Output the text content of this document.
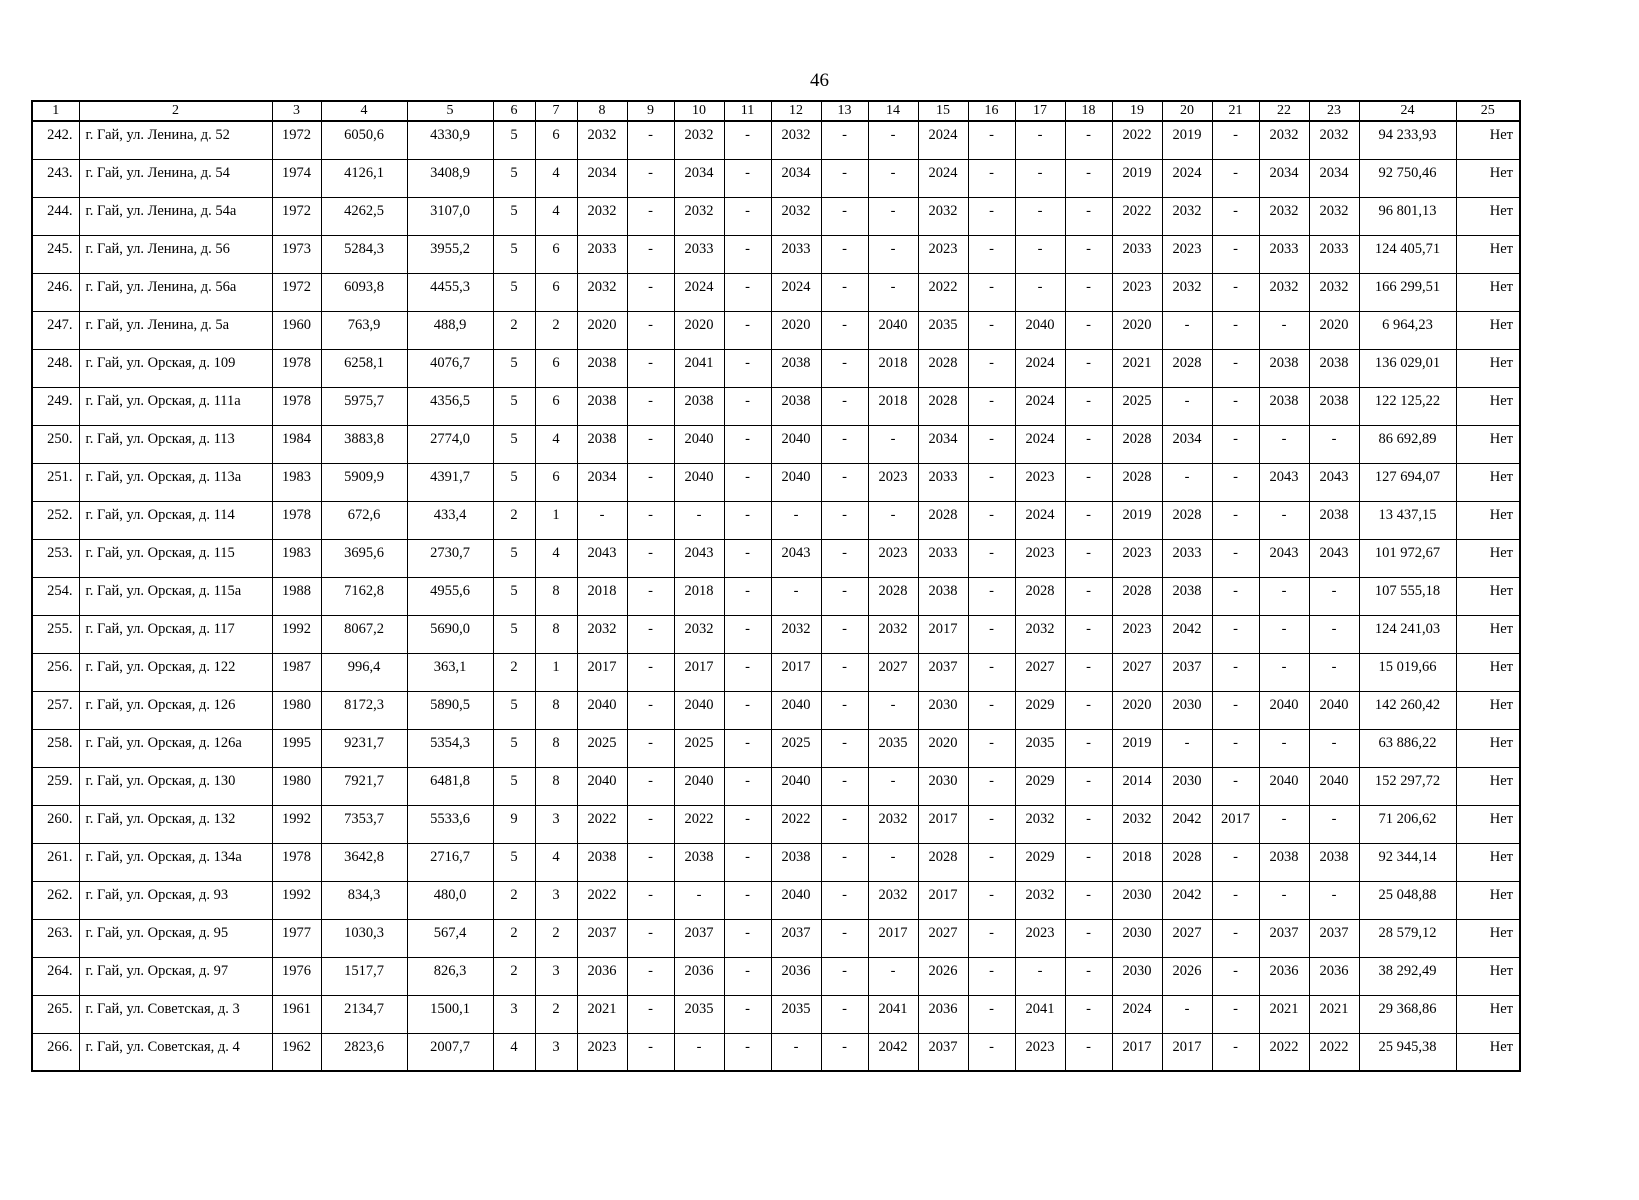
46
1	2	3	4	5	6	7	8	9	10	11	12	13	14	15	16	17	18	19	20	21	22	23	24	25
242.	г. Гай, ул. Ленина, д. 52	1972	6050,6	4330,9	5	6	2032	-	2032	-	2032	-	-	2024	-	-	-	2022	2019	-	2032	2032	94 233,93	Нет
243.	г. Гай, ул. Ленина, д. 54	1974	4126,1	3408,9	5	4	2034	-	2034	-	2034	-	-	2024	-	-	-	2019	2024	-	2034	2034	92 750,46	Нет
244.	г. Гай, ул. Ленина, д. 54а	1972	4262,5	3107,0	5	4	2032	-	2032	-	2032	-	-	2032	-	-	-	2022	2032	-	2032	2032	96 801,13	Нет
245.	г. Гай, ул. Ленина, д. 56	1973	5284,3	3955,2	5	6	2033	-	2033	-	2033	-	-	2023	-	-	-	2033	2023	-	2033	2033	124 405,71	Нет
246.	г. Гай, ул. Ленина, д. 56а	1972	6093,8	4455,3	5	6	2032	-	2024	-	2024	-	-	2022	-	-	-	2023	2032	-	2032	2032	166 299,51	Нет
247.	г. Гай, ул. Ленина, д. 5а	1960	763,9	488,9	2	2	2020	-	2020	-	2020	-	2040	2035	-	2040	-	2020	-	-	-	2020	6 964,23	Нет
248.	г. Гай, ул. Орская, д. 109	1978	6258,1	4076,7	5	6	2038	-	2041	-	2038	-	2018	2028	-	2024	-	2021	2028	-	2038	2038	136 029,01	Нет
249.	г. Гай, ул. Орская, д. 111а	1978	5975,7	4356,5	5	6	2038	-	2038	-	2038	-	2018	2028	-	2024	-	2025	-	-	2038	2038	122 125,22	Нет
250.	г. Гай, ул. Орская, д. 113	1984	3883,8	2774,0	5	4	2038	-	2040	-	2040	-	-	2034	-	2024	-	2028	2034	-	-	-	86 692,89	Нет
251.	г. Гай, ул. Орская, д. 113а	1983	5909,9	4391,7	5	6	2034	-	2040	-	2040	-	2023	2033	-	2023	-	2028	-	-	2043	2043	127 694,07	Нет
252.	г. Гай, ул. Орская, д. 114	1978	672,6	433,4	2	1	-	-	-	-	-	-	-	2028	-	2024	-	2019	2028	-	-	2038	13 437,15	Нет
253.	г. Гай, ул. Орская, д. 115	1983	3695,6	2730,7	5	4	2043	-	2043	-	2043	-	2023	2033	-	2023	-	2023	2033	-	2043	2043	101 972,67	Нет
254.	г. Гай, ул. Орская, д. 115а	1988	7162,8	4955,6	5	8	2018	-	2018	-	-	-	2028	2038	-	2028	-	2028	2038	-	-	-	107 555,18	Нет
255.	г. Гай, ул. Орская, д. 117	1992	8067,2	5690,0	5	8	2032	-	2032	-	2032	-	2032	2017	-	2032	-	2023	2042	-	-	-	124 241,03	Нет
256.	г. Гай, ул. Орская, д. 122	1987	996,4	363,1	2	1	2017	-	2017	-	2017	-	2027	2037	-	2027	-	2027	2037	-	-	-	15 019,66	Нет
257.	г. Гай, ул. Орская, д. 126	1980	8172,3	5890,5	5	8	2040	-	2040	-	2040	-	-	2030	-	2029	-	2020	2030	-	2040	2040	142 260,42	Нет
258.	г. Гай, ул. Орская, д. 126а	1995	9231,7	5354,3	5	8	2025	-	2025	-	2025	-	2035	2020	-	2035	-	2019	-	-	-	-	63 886,22	Нет
259.	г. Гай, ул. Орская, д. 130	1980	7921,7	6481,8	5	8	2040	-	2040	-	2040	-	-	2030	-	2029	-	2014	2030	-	2040	2040	152 297,72	Нет
260.	г. Гай, ул. Орская, д. 132	1992	7353,7	5533,6	9	3	2022	-	2022	-	2022	-	2032	2017	-	2032	-	2032	2042	2017	-	-	71 206,62	Нет
261.	г. Гай, ул. Орская, д. 134а	1978	3642,8	2716,7	5	4	2038	-	2038	-	2038	-	-	2028	-	2029	-	2018	2028	-	2038	2038	92 344,14	Нет
262.	г. Гай, ул. Орская, д. 93	1992	834,3	480,0	2	3	2022	-	-	-	2040	-	2032	2017	-	2032	-	2030	2042	-	-	-	25 048,88	Нет
263.	г. Гай, ул. Орская, д. 95	1977	1030,3	567,4	2	2	2037	-	2037	-	2037	-	2017	2027	-	2023	-	2030	2027	-	2037	2037	28 579,12	Нет
264.	г. Гай, ул. Орская, д. 97	1976	1517,7	826,3	2	3	2036	-	2036	-	2036	-	-	2026	-	-	-	2030	2026	-	2036	2036	38 292,49	Нет
265.	г. Гай, ул. Советская, д. 3	1961	2134,7	1500,1	3	2	2021	-	2035	-	2035	-	2041	2036	-	2041	-	2024	-	-	2021	2021	29 368,86	Нет
266.	г. Гай, ул. Советская, д. 4	1962	2823,6	2007,7	4	3	2023	-	-	-	-	-	2042	2037	-	2023	-	2017	2017	-	2022	2022	25 945,38	Нет
